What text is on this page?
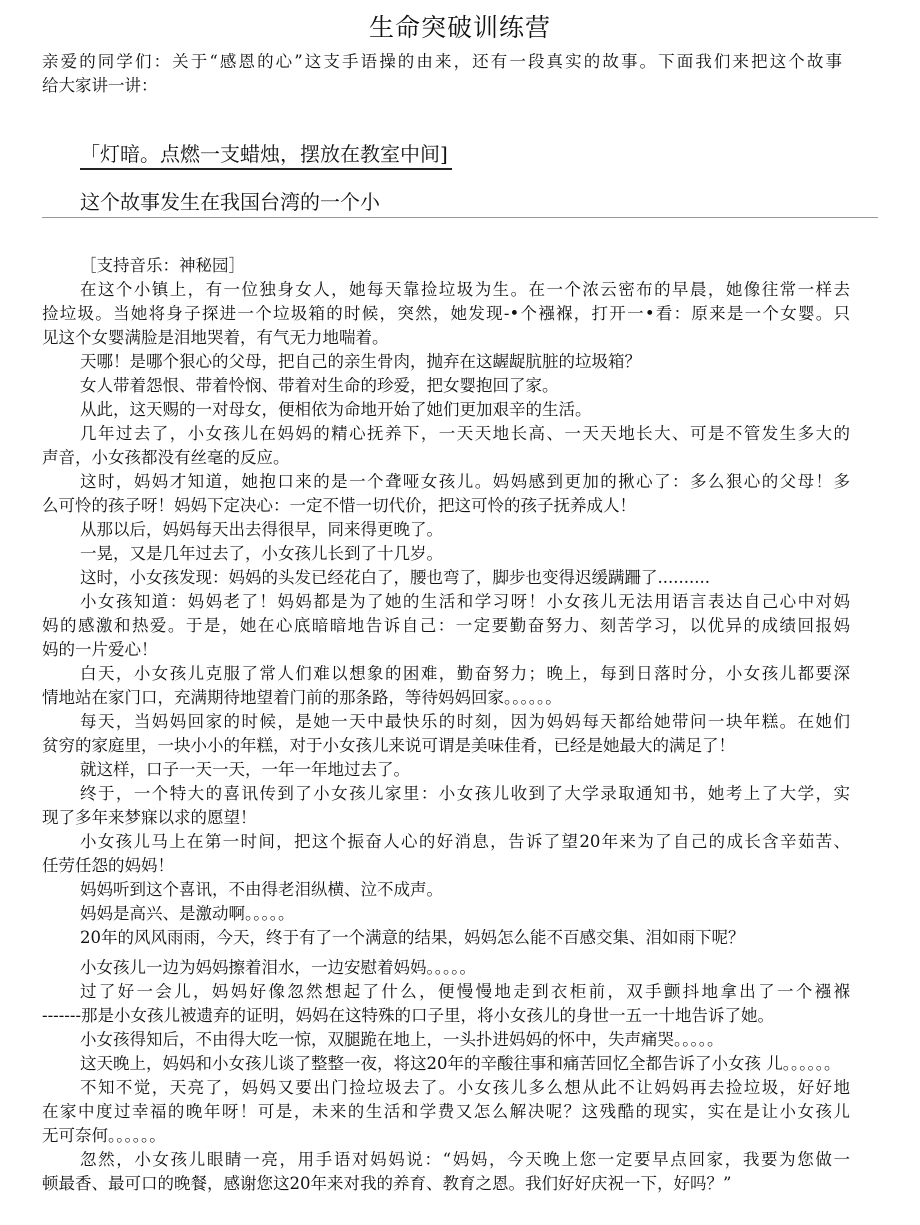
生命突破训练营
亲爱的同学们：关于“感恩的心”这支手语操的由来，还有一段真实的故事。下面我们来把这个故事
给大家讲一讲：
「灯暗。点燃一支蜡烛，摆放在教室中间]
这个故事发生在我国台湾的一个小
［支持音乐：神秘园］
在这个小镇上，有一位独身女人，她每天靠捡垃圾为生。在一个浓云密布的早晨，她像往常一样去
捡垃圾。当她将身子探进一个垃圾箱的时候，突然，她发现-•个襁褓，打开一•看：原来是一个女婴。只
见这个女婴满脸是泪地哭着，有气无力地喘着。
天哪！是哪个狠心的父母，把自己的亲生骨肉，抛弃在这龌龊肮脏的垃圾箱？
女人带着怨恨、带着怜悯、带着对生命的珍爱，把女婴抱回了家。
从此，这天赐的一对母女，便相依为命地开始了她们更加艰辛的生活。
几年过去了，小女孩儿在妈妈的精心抚养下，一天天地长高、一天天地长大、可是不管发生多大的
声音，小女孩都没有丝毫的反应。
这时，妈妈才知道，她抱口来的是一个聋哑女孩儿。妈妈感到更加的揪心了：多么狠心的父母！多
么可怜的孩子呀！妈妈下定决心：一定不惜一切代价，把这可怜的孩子抚养成人！
从那以后，妈妈每天出去得很早，同来得更晚了。
一晃，又是几年过去了，小女孩儿长到了十几岁。
这时，小女孩发现：妈妈的头发已经花白了，腰也弯了，脚步也变得迟缓蹒跚了..........
小女孩知道：妈妈老了！妈妈都是为了她的生活和学习呀！小女孩儿无法用语言表达自己心中对妈
妈的感激和热爱。于是，她在心底暗暗地告诉自己：一定要勤奋努力、刻苦学习，以优异的成绩回报妈
妈的一片爱心！
白天，小女孩儿克服了常人们难以想象的困难，勤奋努力；晚上，每到日落时分，小女孩儿都要深
情地站在家门口，充满期待地望着门前的那条路，等待妈妈回家。。。。。。
每天，当妈妈回家的时候，是她一天中最快乐的时刻，因为妈妈每天都给她带问一块年糕。在她们
贫穷的家庭里，一块小小的年糕，对于小女孩儿来说可谓是美味佳肴，已经是她最大的满足了！
就这样，口子一天一天，一年一年地过去了。
终于，一个特大的喜讯传到了小女孩儿家里：小女孩儿收到了大学录取通知书，她考上了大学，实
现了多年来梦寐以求的愿望！
小女孩儿马上在第一时间，把这个振奋人心的好消息，告诉了望20年来为了自己的成长含辛茹苦、
任劳任怨的妈妈！
妈妈听到这个喜讯，不由得老泪纵横、泣不成声。
妈妈是高兴、是激动啊。。。。。
20年的风风雨雨，今天，终于有了一个满意的结果，妈妈怎么能不百感交集、泪如雨下呢？
小女孩儿一边为妈妈擦着泪水，一边安慰着妈妈。。。。。
过了好一会儿，妈妈好像忽然想起了什么，便慢慢地走到衣柜前，双手颤抖地拿出了一个襁褓
-------那是小女孩儿被遗弃的证明，妈妈在这特殊的口子里，将小女孩儿的身世一五一十地告诉了她。
小女孩得知后，不由得大吃一惊，双腿跪在地上，一头扑进妈妈的怀中，失声痛哭。。。。。
这天晚上，妈妈和小女孩儿谈了整整一夜，将这20年的辛酸往事和痛苦回忆全都告诉了小女孩 儿。。。。。。
不知不觉，天亮了，妈妈又要出门捡垃圾去了。小女孩儿多么想从此不让妈妈再去捡垃圾，好好地
在家中度过幸福的晚年呀！可是，未来的生活和学费又怎么解决呢？这残酷的现实，实在是让小女孩儿
无可奈何。。。。。。
忽然，小女孩儿眼睛一亮，用手语对妈妈说：“妈妈，今天晚上您一定要早点回家，我要为您做一
顿最香、最可口的晚餐，感谢您这20年来对我的养育、教育之恩。我们好好庆祝一下，好吗？”
